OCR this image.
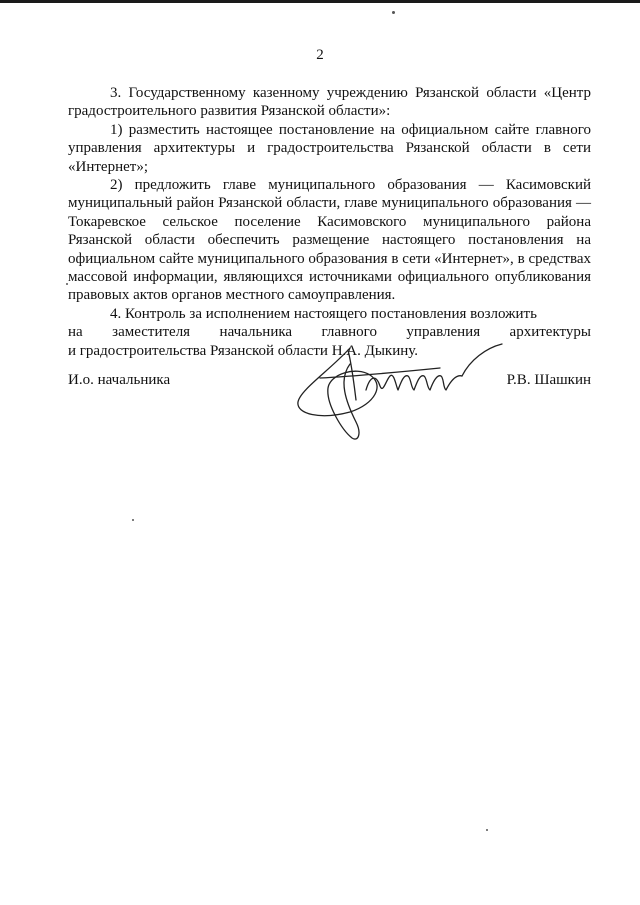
2

3. Государственному казенному учреждению Рязанской области «Центр градостроительного развития Рязанской области»:

1) разместить настоящее постановление на официальном сайте главного управления архитектуры и градостроительства Рязанской области в сети «Интернет»;

2) предложить главе муниципального образования — Касимовский муниципальный район Рязанской области, главе муниципального образования — Токаревское сельское поселение Касимовского муниципального района Рязанской области обеспечить размещение настоящего постановления на официальном сайте муниципального образования в сети «Интернет», в средствах массовой информации, являющихся источниками официального опубликования правовых актов органов местного самоуправления.

4. Контроль за исполнением настоящего постановления возложить

на заместителя начальника главного управления архитектуры
и градостроительства Рязанской области Н.А. Дыкину.
И.о. начальника	Р.В. Шашкин
